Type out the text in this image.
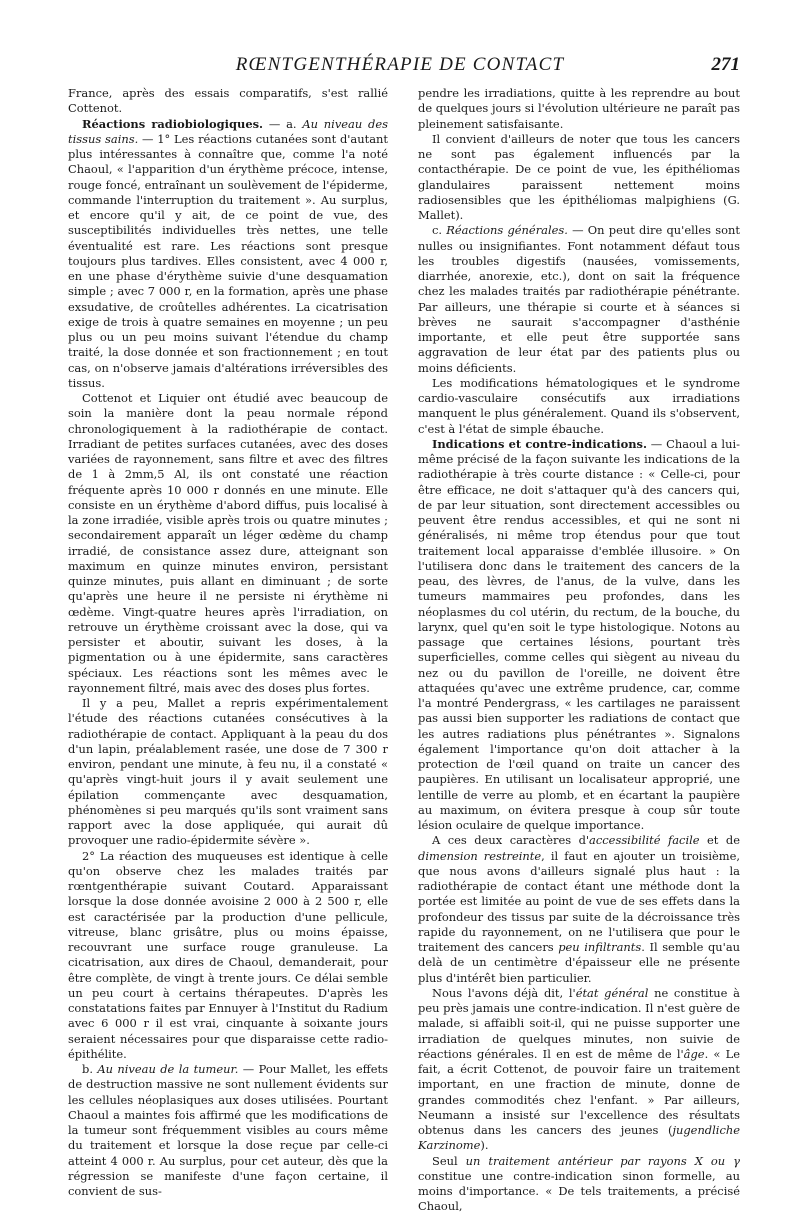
RŒNTGENTHÉRAPIE DE CONTACT	271

France, après des essais comparatifs, s'est rallié Cottenot.

Réactions radiobiologiques. — a. Au niveau des tissus sains. — 1° Les réactions cutanées sont d'autant plus intéressantes à connaître que, comme l'a noté Chaoul, « l'apparition d'un érythème précoce, intense, rouge foncé, entraînant un soulèvement de l'épiderme, commande l'interruption du traitement ». Au surplus, et encore qu'il y ait, de ce point de vue, des susceptibilités individuelles très nettes, une telle éventualité est rare. Les réactions sont presque toujours plus tardives. Elles consistent, avec 4 000 r, en une phase d'érythème suivie d'une desquamation simple ; avec 7 000 r, en la formation, après une phase exsudative, de croûtelles adhérentes. La cicatrisation exige de trois à quatre semaines en moyenne ; un peu plus ou un peu moins suivant l'étendue du champ traité, la dose donnée et son fractionnement ; en tout cas, on n'observe jamais d'altérations irréversibles des tissus.

Cottenot et Liquier ont étudié avec beaucoup de soin la manière dont la peau normale répond chronologiquement à la radiothérapie de contact. Irradiant de petites surfaces cutanées, avec des doses variées de rayonnement, sans filtre et avec des filtres de 1 à 2mm,5 Al, ils ont constaté une réaction fréquente après 10 000 r donnés en une minute. Elle consiste en un érythème d'abord diffus, puis localisé à la zone irradiée, visible après trois ou quatre minutes ; secondairement apparaît un léger œdème du champ irradié, de consistance assez dure, atteignant son maximum en quinze minutes environ, persistant quinze minutes, puis allant en diminuant ; de sorte qu'après une heure il ne persiste ni érythème ni œdème. Vingt-quatre heures après l'irradiation, on retrouve un érythème croissant avec la dose, qui va persister et aboutir, suivant les doses, à la pigmentation ou à une épidermite, sans caractères spéciaux. Les réactions sont les mêmes avec le rayonnement filtré, mais avec des doses plus fortes.

Il y a peu, Mallet a repris expérimentalement l'étude des réactions cutanées consécutives à la radiothérapie de contact. Appliquant à la peau du dos d'un lapin, préalablement rasée, une dose de 7 300 r environ, pendant une minute, à feu nu, il a constaté « qu'après vingt-huit jours il y avait seulement une épilation commençante avec desquamation, phénomènes si peu marqués qu'ils sont vraiment sans rapport avec la dose appliquée, qui aurait dû provoquer une radio-épidermite sévère ».

2° La réaction des muqueuses est identique à celle qu'on observe chez les malades traités par rœntgenthérapie suivant Coutard. Apparaissant lorsque la dose donnée avoisine 2 000 à 2 500 r, elle est caractérisée par la production d'une pellicule, vitreuse, blanc grisâtre, plus ou moins épaisse, recouvrant une surface rouge granuleuse. La cicatrisation, aux dires de Chaoul, demanderait, pour être complète, de vingt à trente jours. Ce délai semble un peu court à certains thérapeutes. D'après les constatations faites par Ennuyer à l'Institut du Radium avec 6 000 r il est vrai, cinquante à soixante jours seraient nécessaires pour que disparaisse cette radio-épithélite.

b. Au niveau de la tumeur. — Pour Mallet, les effets de destruction massive ne sont nullement évidents sur les cellules néoplasiques aux doses utilisées. Pourtant Chaoul a maintes fois affirmé que les modifications de la tumeur sont fréquemment visibles au cours même du traitement et lorsque la dose reçue par celle-ci atteint 4 000 r. Au surplus, pour cet auteur, dès que la régression se manifeste d'une façon certaine, il convient de sus-

pendre les irradiations, quitte à les reprendre au bout de quelques jours si l'évolution ultérieure ne paraît pas pleinement satisfaisante.

Il convient d'ailleurs de noter que tous les cancers ne sont pas également influencés par la contacthérapie. De ce point de vue, les épithéliomas glandulaires paraissent nettement moins radiosensibles que les épithéliomas malpighiens (G. Mallet).

c. Réactions générales. — On peut dire qu'elles sont nulles ou insignifiantes. Font notamment défaut tous les troubles digestifs (nausées, vomissements, diarrhée, anorexie, etc.), dont on sait la fréquence chez les malades traités par radiothérapie pénétrante. Par ailleurs, une thérapie si courte et à séances si brèves ne saurait s'accompagner d'asthénie importante, et elle peut être supportée sans aggravation de leur état par des patients plus ou moins déficients.

Les modifications hématologiques et le syndrome cardio-vasculaire consécutifs aux irradiations manquent le plus généralement. Quand ils s'observent, c'est à l'état de simple ébauche.

Indications et contre-indications. — Chaoul a lui-même précisé de la façon suivante les indications de la radiothérapie à très courte distance : « Celle-ci, pour être efficace, ne doit s'attaquer qu'à des cancers qui, de par leur situation, sont directement accessibles ou peuvent être rendus accessibles, et qui ne sont ni généralisés, ni même trop étendus pour que tout traitement local apparaisse d'emblée illusoire. » On l'utilisera donc dans le traitement des cancers de la peau, des lèvres, de l'anus, de la vulve, dans les tumeurs mammaires peu profondes, dans les néoplasmes du col utérin, du rectum, de la bouche, du larynx, quel qu'en soit le type histologique. Notons au passage que certaines lésions, pourtant très superficielles, comme celles qui siègent au niveau du nez ou du pavillon de l'oreille, ne doivent être attaquées qu'avec une extrême prudence, car, comme l'a montré Pendergrass, « les cartilages ne paraissent pas aussi bien supporter les radiations de contact que les autres radiations plus pénétrantes ». Signalons également l'importance qu'on doit attacher à la protection de l'œil quand on traite un cancer des paupières. En utilisant un localisateur approprié, une lentille de verre au plomb, et en écartant la paupière au maximum, on évitera presque à coup sûr toute lésion oculaire de quelque importance.

A ces deux caractères d'accessibilité facile et de dimension restreinte, il faut en ajouter un troisième, que nous avons d'ailleurs signalé plus haut : la radiothérapie de contact étant une méthode dont la portée est limitée au point de vue de ses effets dans la profondeur des tissus par suite de la décroissance très rapide du rayonnement, on ne l'utilisera que pour le traitement des cancers peu infiltrants. Il semble qu'au delà de un centimètre d'épaisseur elle ne présente plus d'intérêt bien particulier.

Nous l'avons déjà dit, l'état général ne constitue à peu près jamais une contre-indication. Il n'est guère de malade, si affaibli soit-il, qui ne puisse supporter une irradiation de quelques minutes, non suivie de réactions générales. Il en est de même de l'âge. « Le fait, a écrit Cottenot, de pouvoir faire un traitement important, en une fraction de minute, donne de grandes commodités chez l'enfant. » Par ailleurs, Neumann a insisté sur l'excellence des résultats obtenus dans les cancers des jeunes (jugendliche Karzinome).

Seul un traitement antérieur par rayons X ou γ constitue une contre-indication sinon formelle, au moins d'importance. « De tels traitements, a précisé Chaoul,
